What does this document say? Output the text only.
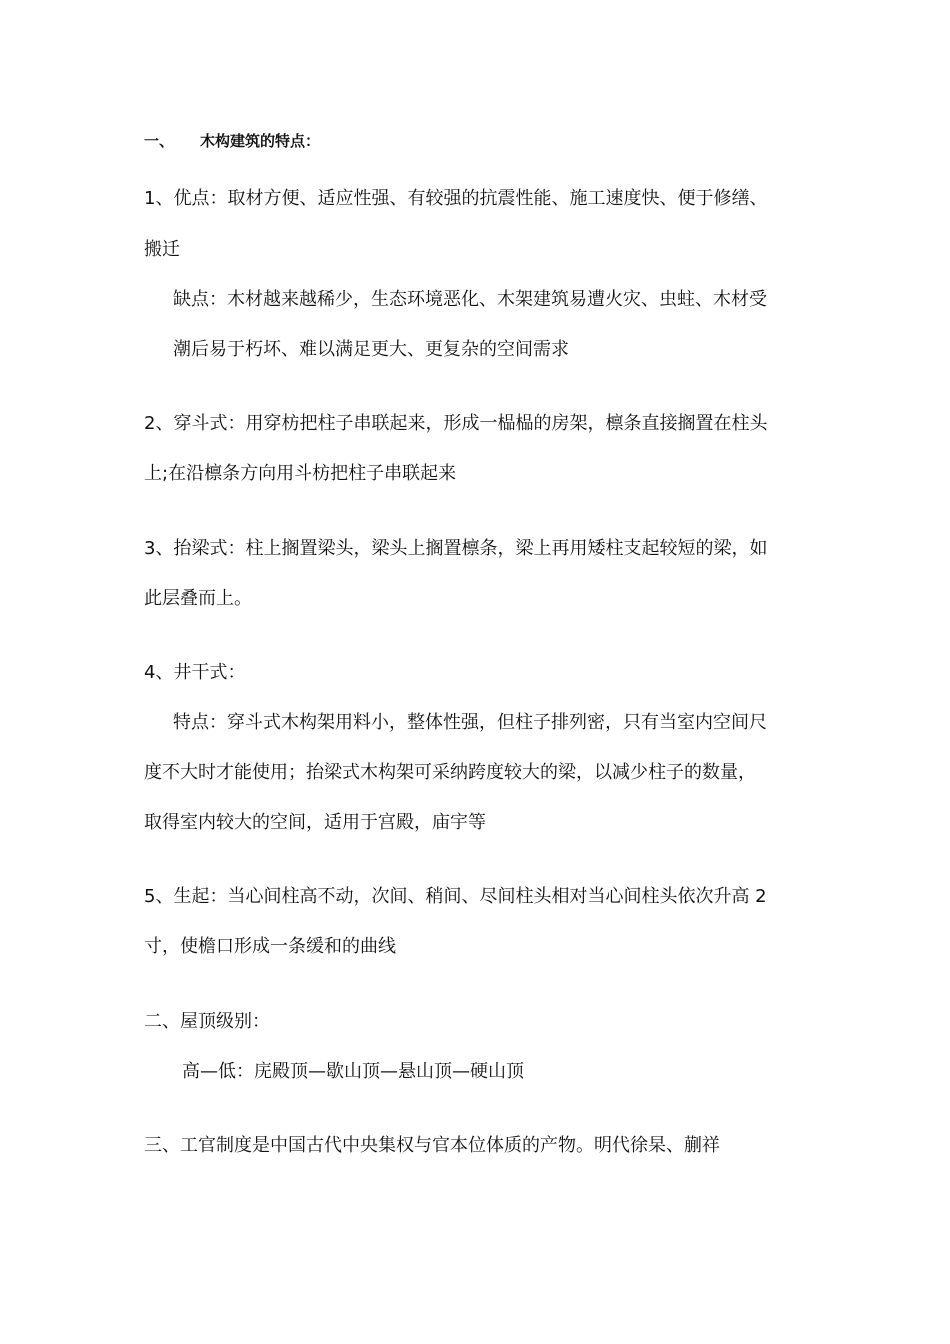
一、 木构建筑的特点：
1、优点：取材方便、适应性强、有较强的抗震性能、施工速度快、便于修缮、
搬迁
缺点：木材越来越稀少，生态环境恶化、木架建筑易遭火灾、虫蛀、木材受
潮后易于朽坏、难以满足更大、更复杂的空间需求
2、穿斗式：用穿枋把柱子串联起来，形成一榀榀的房架，檩条直接搁置在柱头
上;在沿檩条方向用斗枋把柱子串联起来
3、抬梁式：柱上搁置梁头，梁头上搁置檩条，梁上再用矮柱支起较短的梁，如
此层叠而上。
4、井干式：
特点：穿斗式木构架用料小，整体性强，但柱子排列密，只有当室内空间尺
度不大时才能使用；抬梁式木构架可采纳跨度较大的梁，以减少柱子的数量，
取得室内较大的空间，适用于宫殿，庙宇等
5、生起：当心间柱高不动，次间、稍间、尽间柱头相对当心间柱头依次升高 2
寸，使檐口形成一条缓和的曲线
二、屋顶级别：
高—低：庑殿顶—歇山顶—悬山顶—硬山顶
三、工官制度是中国古代中央集权与官本位体质的产物。明代徐杲、蒯祥
